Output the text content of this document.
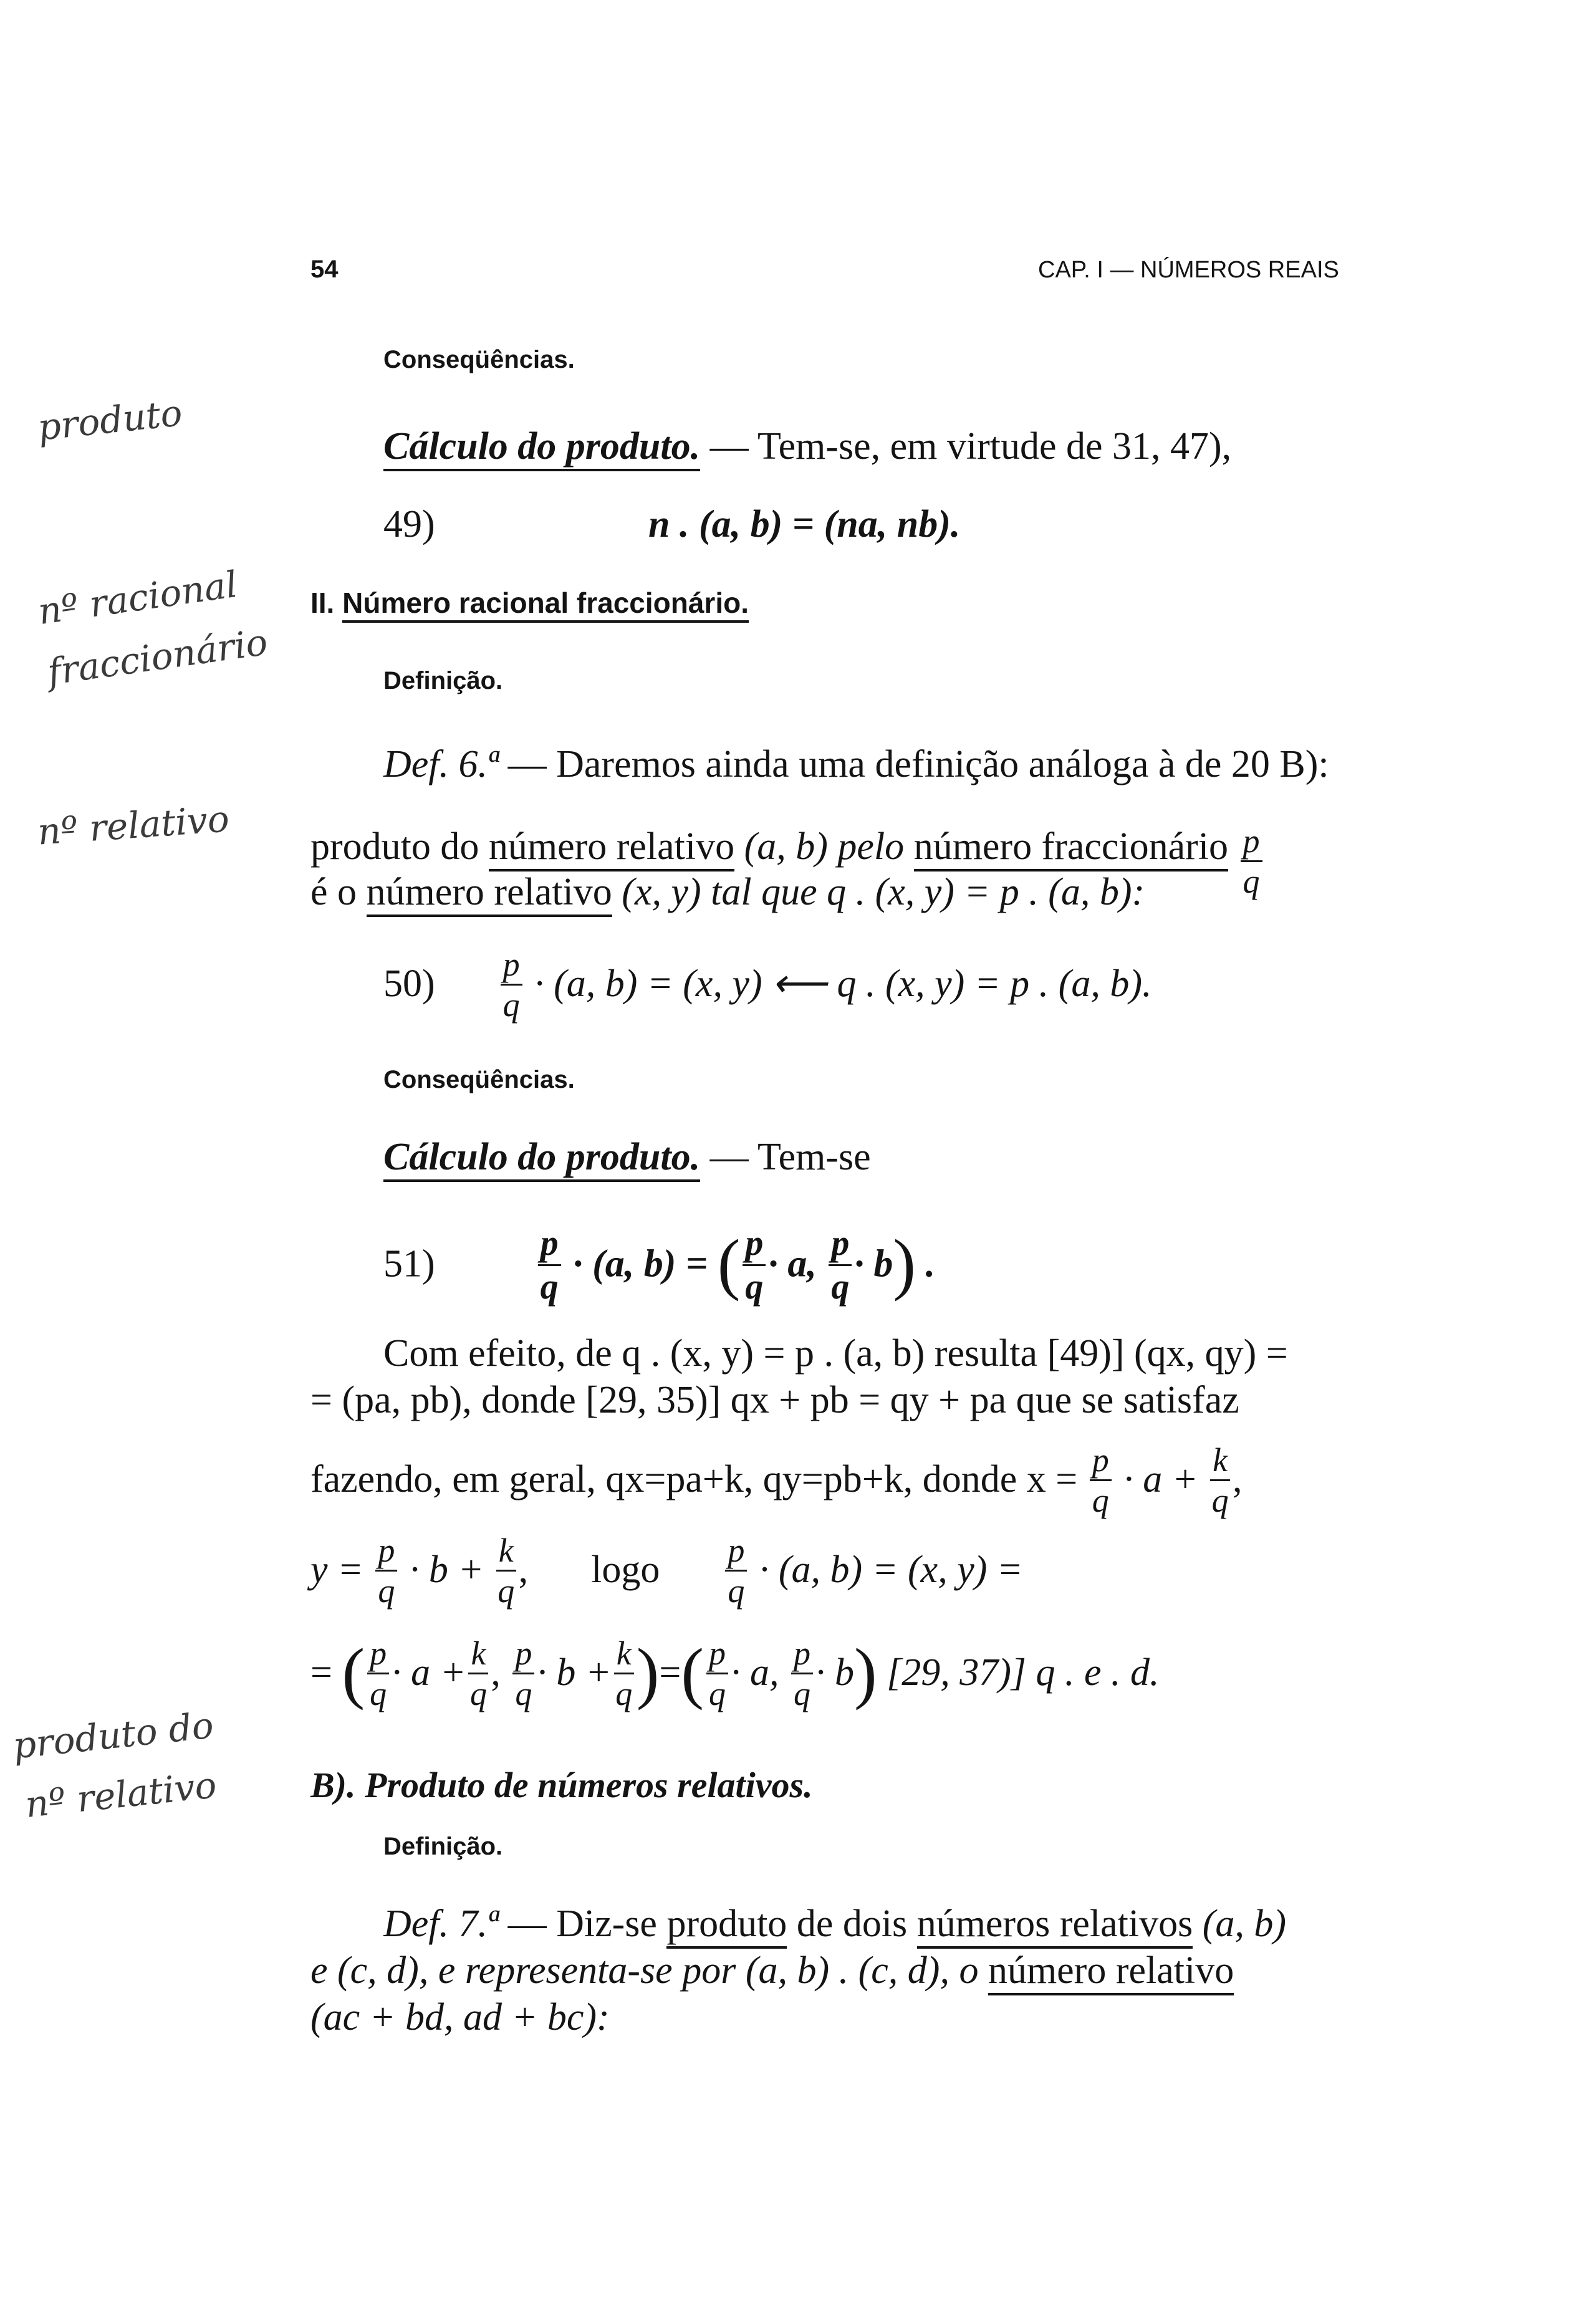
54	CAP. I — NÚMEROS REAIS
produto
nº racional
fraccionário
nº relativo
produto do
nº relativo
Conseqüências.
Cálculo do produto. — Tem-se, em virtude de 31, 47),
49)	n . (a, b) = (na, nb).
II. Número racional fraccionário.
Definição.
Def. 6.ª — Daremos ainda uma definição análoga à de 20 B):
produto do número relativo (a, b) pelo número fraccionário $\frac{p}{q}$
é o número relativo (x, y) tal que q . (x, y) = p . (a, b):
$50) \frac{p}{q} \cdot (a$, b) = (x, y) ⟵ q . (x, y) = p . (a, b).
Conseqüências.
Cálculo do produto. — Tem-se
51)	$\frac{p}{q} \cdot (a$, b) = ( $\frac{p}{q} \cdot a$, $\frac{p}{q} \cdot b$) .
Com efeito, de q . (x, y) = p . (a, b) resulta [49)] (qx, qy) =
= (pa, pb), donde [29, 35)] qx + pb = qy + pa que se satisfaz
fazendo, em geral, qx=pa+k, qy=pb+k, donde $x = \frac{p}{q} \cdot a + \frac{k}{q}$ ,
$y = \frac{p}{q} \cdot b + \frac{k}{q}$ , logo $\frac{p}{q} \cdot (a$, b) = (x, y) =
= ( $\frac{p}{q} \cdot a + \frac{k}{q}$ , $\frac{p}{q} \cdot b + \frac{k}{q}$ )=( $\frac{p}{q} \cdot a$, $\frac{p}{q} \cdot b$) [29, 37)] q . e . d.
B). Produto de números relativos.
Definição.
Def. 7.ª — Diz-se produto de dois números relativos (a, b)
e (c, d), e representa-se por (a, b) . (c, d), o número relativo
(ac + bd, ad + bc):
